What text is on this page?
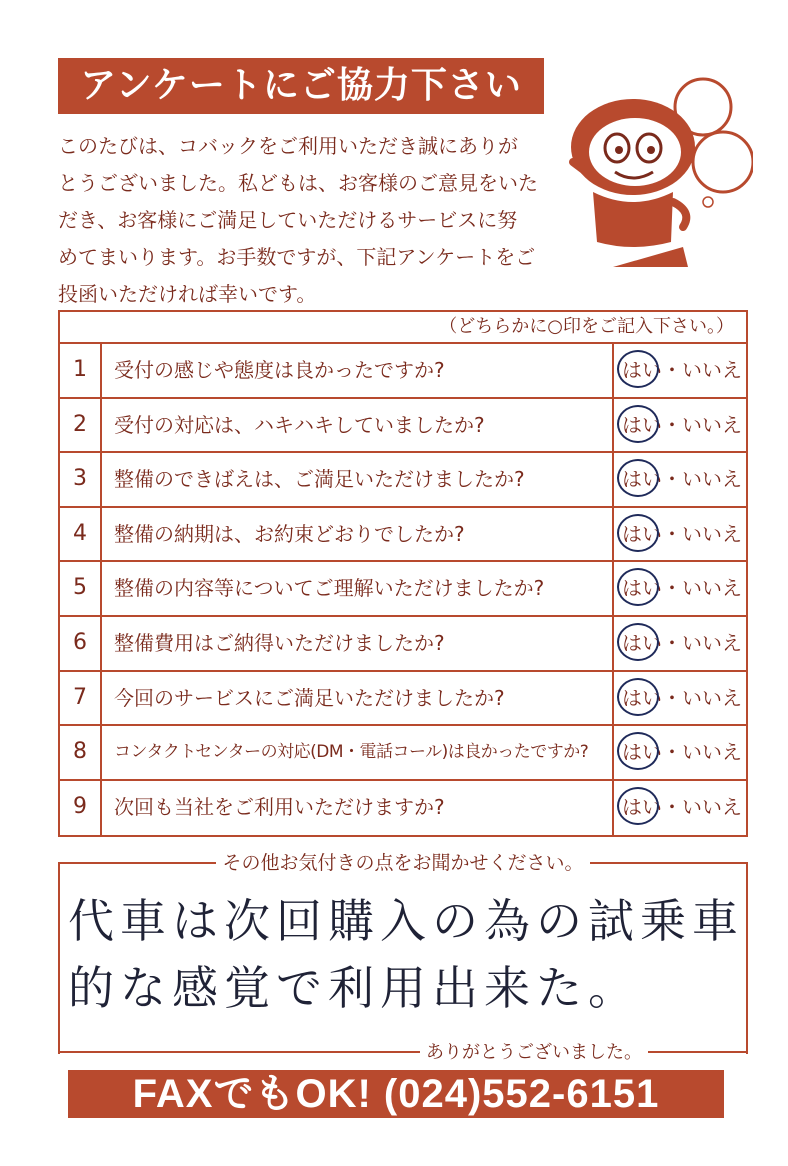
アンケートにご協力下さい
このたびは、コバックをご利用いただき誠にありが
とうございました。私どもは、お客様のご意見をいた
だき、お客様にご満足していただけるサービスに努
めてまいります。お手数ですが、下記アンケートをご
投函いただければ幸いです。
（どちらかに○印をご記入下さい。）
1	受付の感じや態度は良かったですか?	はい・いいえ
2	受付の対応は、ハキハキしていましたか?	はい・いいえ
3	整備のできばえは、ご満足いただけましたか?	はい・いいえ
4	整備の納期は、お約束どおりでしたか?	はい・いいえ
5	整備の内容等についてご理解いただけましたか?	はい・いいえ
6	整備費用はご納得いただけましたか?	はい・いいえ
7	今回のサービスにご満足いただけましたか?	はい・いいえ
8	コンタクトセンターの対応(DM・電話コール)は良かったですか?	はい・いいえ
9	次回も当社をご利用いただけますか?	はい・いいえ
その他お気付きの点をお聞かせください。
代車は次回購入の為の試乗車
的な感覚で利用出来た。
ありがとうございました。
FAXでもOK! (024)552-6151
